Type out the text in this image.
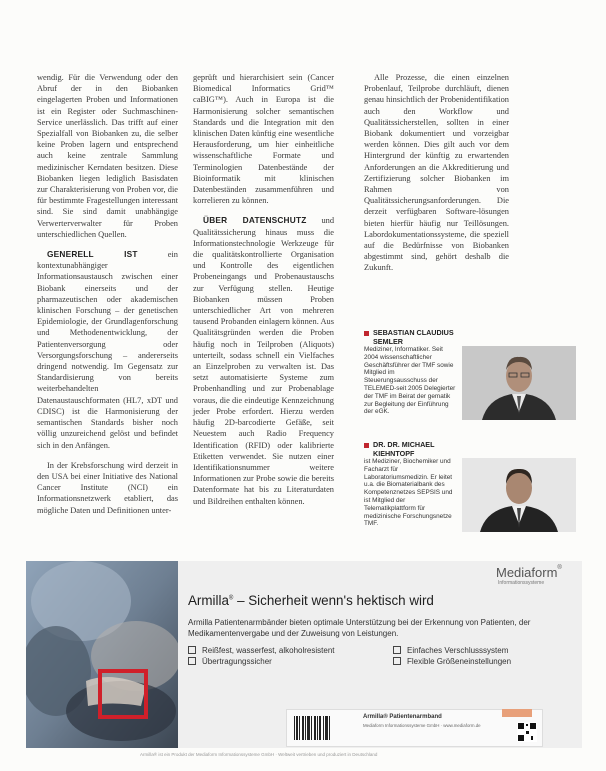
wendig. Für die Verwendung oder den Abruf der in den Biobanken eingelagerten Proben und Informationen ist ein Register oder Suchmaschinen-Service unerlässlich. Das trifft auf einer Spezialfall von Biobanken zu, die selber keine Proben lagern und entsprechend auch keine zentrale Sammlung medizinischer Kerndaten besitzen. Diese Biobanken liegen lediglich Basisdaten zur Charakterisierung von Proben vor, die für bestimmte Fragestellungen interessant sind. Sie sind damit unabhängige Verwerterverwalter für Proben unterschiedlichen Quellen.

GENERELL IST ein kontextunabhängiger Informationsaustausch zwischen einer Biobank einerseits und der pharmazeutischen oder akademischen klinischen Forschung – der genetischen Epidemiologie, der Grundlagenforschung und Methodenentwicklung, der Patientenversorgung oder Versorgungsforschung – andererseits dringend notwendig. Im Gegensatz zur Standardisierung von bereits weiterbehandelten Datenaustauschformaten (HL7, xDT und CDISC) ist die Harmonisierung der semantischen Standards bisher noch völlig unzureichend gelöst und befindet sich in den Anfängen.

In der Krebsforschung wird derzeit in den USA bei einer Initiative des National Cancer Institute (NCI) ein Informationsnetzwerk etabliert, das mögliche Daten und Definitionen unter-

geprüft und hierarchisiert sein (Cancer Biomedical Informatics Grid™ caBIG™). Auch in Europa ist die Harmonisierung solcher semantischen Standards und die Integration mit den klinischen Daten künftig eine wesentliche Herausforderung, um hier einheitliche wissenschaftliche Formate und Terminologien Datenbestände der Bioinformatik mit klinischen Datenbeständen zusammenführen und korrelieren zu können.

ÜBER DATENSCHUTZ und Qualitätssicherung hinaus muss die Informationstechnologie Werkzeuge für die qualitätskontrollierte Organisation und Kontrolle des eigentlichen Probeneingangs und Probenaustauschs zur Verfügung stellen. Heutige Biobanken müssen Proben unterschiedlicher Art von mehreren tausend Probanden einlagern können. Aus Qualitätsgründen werden die Proben häufig noch in Teilproben (Aliquots) unterteilt, sodass schnell ein Vielfaches an Einzelproben zu verwalten ist. Das setzt automatisierte Systeme zum Probenhandling und zur Probenablage voraus, die die eindeutige Kennzeichnung jeder Probe erfordert. Hierzu werden häufig 2D-barcodierte Gefäße, seit Neuestem auch Radio Frequency Identification (RFID) oder kalibrierte Etiketten verwendet. Sie nutzen einer Identifikationsnummer weitere Informationen zur Probe sowie die bereits Datenformate hat bis zu Literaturdaten und Bildreihen enthalten können.

Alle Prozesse, die einen einzelnen Probenlauf, Teilprobe durchläuft, dienen genau hinsichtlich der Probenidentifikation auch den Workflow und Qualitätssicherstellen, sollten in einer Biobank dokumentiert und vorzeigbar werden können. Dies gilt auch vor dem Hintergrund der künftig zu erwartenden Anforderungen an die Akkreditierung und Zertifizierung solcher Biobanken im Rahmen von Qualitätssicherungsanforderungen. Die derzeit verfügbaren Software-lösungen bieten hierfür häufig nur Teillösungen. Labordokumentationssysteme, die speziell auf die Bedürfnisse von Biobanken abgestimmt sind, gehört deshalb die Zukunft.

SEBASTIAN CLAUDIUS SEMLER
Mediziner, Informatiker. Seit 2004 wissenschaftlicher Geschäftsführer der TMF sowie Mitglied im Steuerungsausschuss der TELEMED-seit 2005 Delegierter der TMF im Beirat der gematik zur Begleitung der Einführung der eGK.
DR. DR. MICHAEL KIEHNTOPF
ist Mediziner, Biochemiker und Facharzt für Laboratoriumsmedizin. Er leitet u.a. die Biomaterialbank des Kompetenznetzes SEPSIS und ist Mitglied der Telematikplattform für medizinische Forschungsnetze TMF.
Mediaform®
Informationssysteme
Armilla® – Sicherheit wenn's hektisch wird
Armilla Patientenarmbänder bieten optimale Unterstützung bei der Erkennung von Patienten, der Medikamentenvergabe und der Zuweisung von Leistungen.
Reißfest, wasserfest, alkoholresistent
Übertragungssicher
Einfaches Verschlusssystem
Flexible Größeneinstellungen
Armilla® Patientenarmband
Mediaform Informationssysteme GmbH · www.mediaform.de
Armilla® ist ein Produkt der Mediaform Informationssysteme GmbH · Weltweit vertrieben und produziert in Deutschland
